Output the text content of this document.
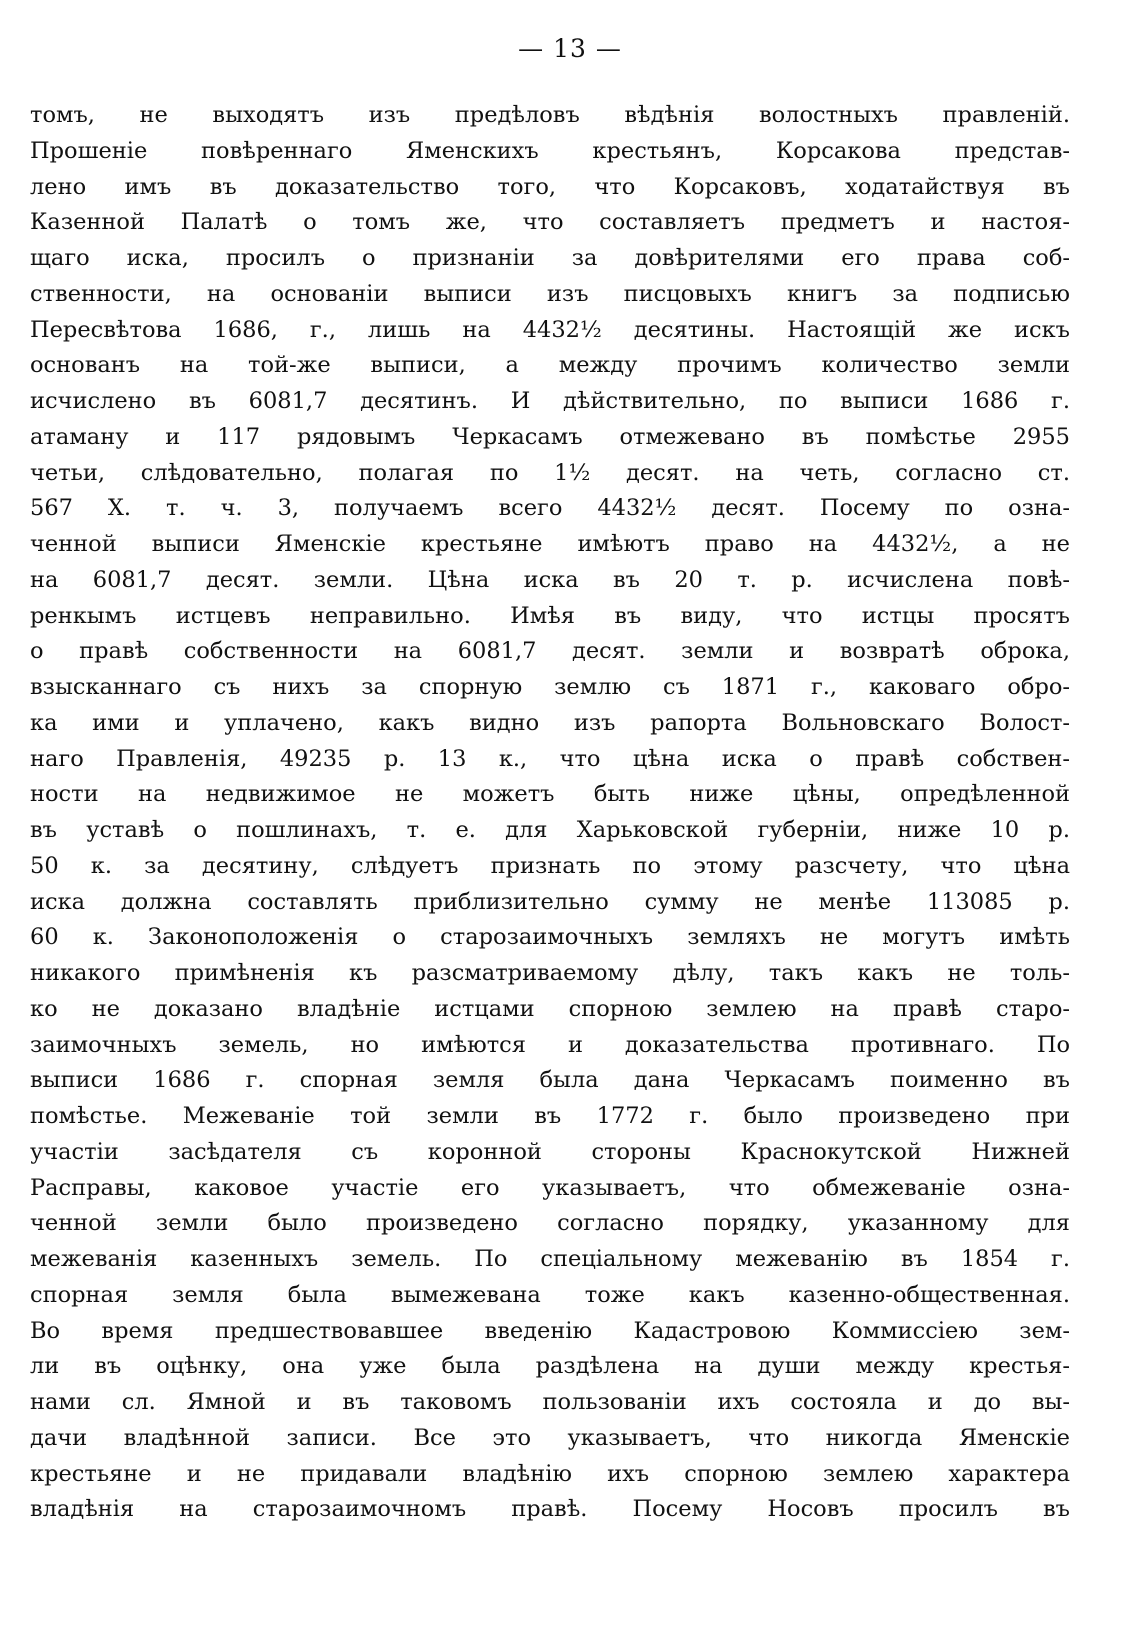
— 13 —
томъ, не выходятъ изъ предѣловъ вѣдѣнія волостныхъ правленій.
Прошеніе повѣреннаго Яменскихъ крестьянъ, Корсакова представ-
лено имъ въ доказательство того, что Корсаковъ, ходатайствуя въ
Казенной Палатѣ о томъ же, что составляетъ предметъ и настоя-
щаго иска, просилъ о признаніи за довѣрителями его права соб-
ственности, на основаніи выписи изъ писцовыхъ книгъ за подписью
Пересвѣтова 1686, г., лишь на 4432½ десятины. Настоящій же искъ
основанъ на той-же выписи, а между прочимъ количество земли
исчислено въ 6081,7 десятинъ. И дѣйствительно, по выписи 1686 г.
атаману и 117 рядовымъ Черкасамъ отмежевано въ помѣстье 2955
четьи, слѣдовательно, полагая по 1½ десят. на четь, согласно ст.
567 X. т. ч. 3, получаемъ всего 4432½ десят. Посему по озна-
ченной выписи Яменскіе крестьяне имѣютъ право на 4432½, а не
на 6081,7 десят. земли. Цѣна иска въ 20 т. р. исчислена повѣ-
ренкымъ истцевъ неправильно. Имѣя въ виду, что истцы просятъ
о правѣ собственности на 6081,7 десят. земли и возвратѣ оброка,
взысканнаго съ нихъ за спорную землю съ 1871 г., каковаго обро-
ка ими и уплачено, какъ видно изъ рапорта Вольновскаго Волост-
наго Правленія, 49235 р. 13 к., что цѣна иска о правѣ собствен-
ности на недвижимое не можетъ быть ниже цѣны, опредѣленной
въ уставѣ о пошлинахъ, т. е. для Харьковской губерніи, ниже 10 р.
50 к. за десятину, слѣдуетъ признать по этому разсчету, что цѣна
иска должна составлять приблизительно сумму не менѣе 113085 р.
60 к. Законоположенія о старозаимочныхъ земляхъ не могутъ имѣть
никакого примѣненія къ разсматриваемому дѣлу, такъ какъ не толь-
ко не доказано владѣніе истцами спорною землею на правѣ старо-
заимочныхъ земель, но имѣются и доказательства противнаго. По
выписи 1686 г. спорная земля была дана Черкасамъ поименно въ
помѣстье. Межеваніе той земли въ 1772 г. было произведено при
участіи засѣдателя съ коронной стороны Краснокутской Нижней
Расправы, каковое участіе его указываетъ, что обмежеваніе озна-
ченной земли было произведено согласно порядку, указанному для
межеванія казенныхъ земель. По спеціальному межеванію въ 1854 г.
спорная земля была вымежевана тоже какъ казенно-общественная.
Во время предшествовавшее введенію Кадастровою Коммиссіею зем-
ли въ оцѣнку, она уже была раздѣлена на души между крестья-
нами сл. Ямной и въ таковомъ пользованіи ихъ состояла и до вы-
дачи владѣнной записи. Все это указываетъ, что никогда Яменскіе
крестьяне и не придавали владѣнію ихъ спорною землею характера
владѣнія на старозаимочномъ правѣ. Посему Носовъ просилъ въ
